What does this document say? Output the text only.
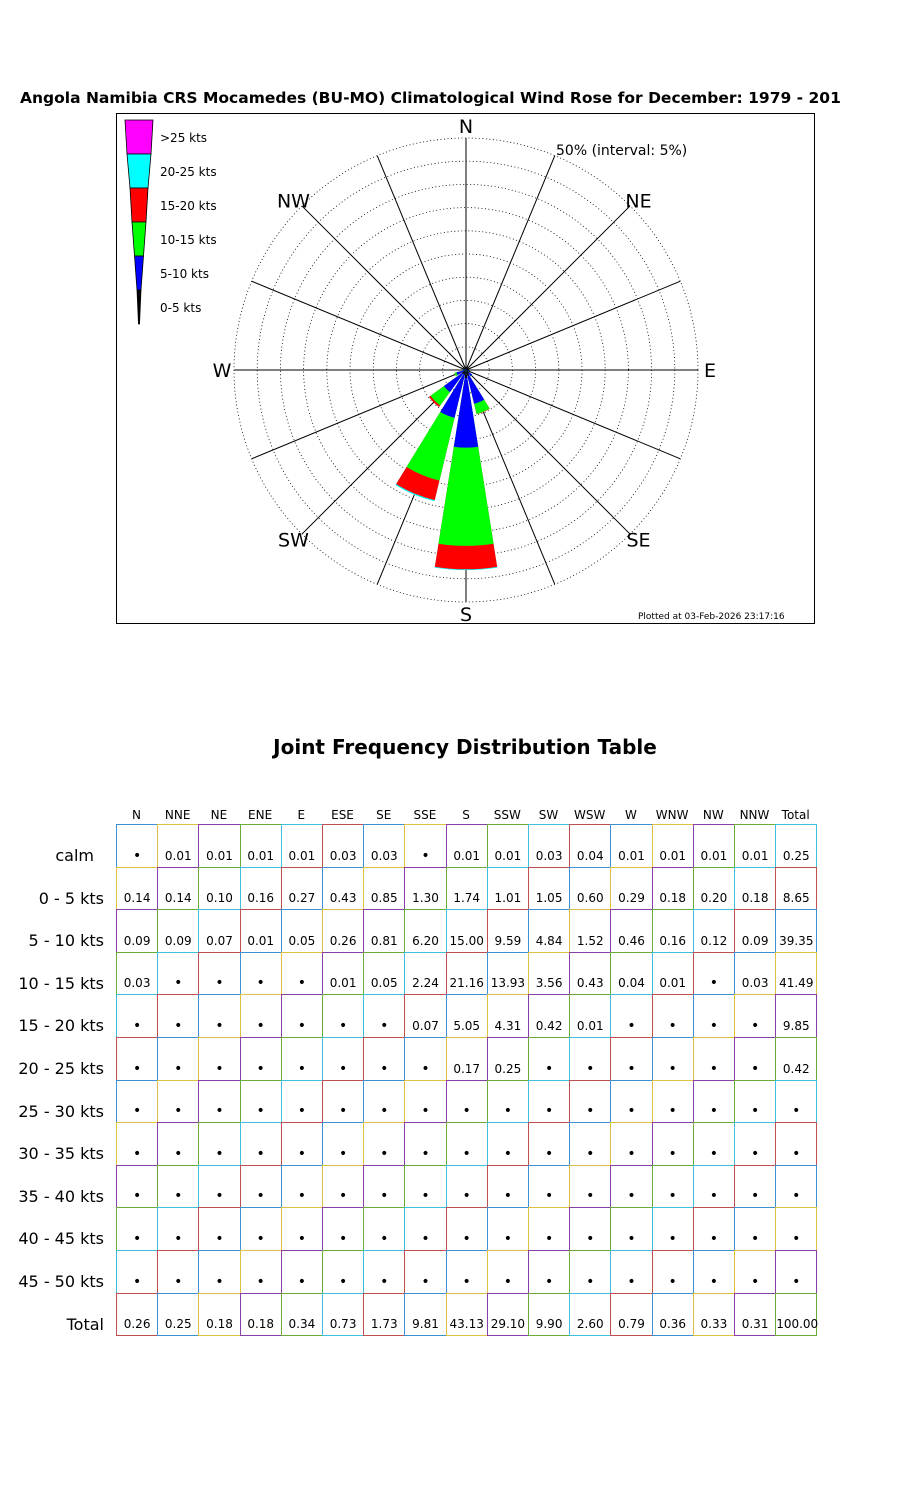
Angola Namibia CRS Mocamedes (BU-MO) Climatological Wind Rose for December: 1979 - 201
N
NE
E
SE
S
SW
W
NW
50% (interval: 5%)
>25 kts
20-25 kts
15-20 kts
10-15 kts
5-10 kts
0-5 kts
Plotted at 03-Feb-2026 23:17:16
Joint Frequency Distribution Table
N	NNE	NE	ENE	E	ESE	SE	SSE	S	SSW	SW	WSW	W	WNW	NW	NNW	Total
calm	•	0.01	0.01	0.01	0.01	0.03	0.03	•	0.01	0.01	0.03	0.04	0.01	0.01	0.01	0.01	0.25
0 - 5 kts	0.14	0.14	0.10	0.16	0.27	0.43	0.85	1.30	1.74	1.01	1.05	0.60	0.29	0.18	0.20	0.18	8.65
5 - 10 kts	0.09	0.09	0.07	0.01	0.05	0.26	0.81	6.20 15.00 9.59	4.84	1.52	0.46	0.16	0.12	0.09 39.35
10 - 15 kts	0.03	•	•	•	•	0.01	0.05	2.24 21.16 13.93 3.56	0.43	0.04	0.01	•	0.03 41.49
15 - 20 kts	•	•	•	•	•	•	•	0.07	5.05	4.31	0.42	0.01	•	•	•	•	9.85
20 - 25 kts	•	•	•	•	•	•	•	•	0.17	0.25	•	•	•	•	•	•	0.42
25 - 30 kts	•	•	•	•	•	•	•	•	•	•	•	•	•	•	•	•	•
30 - 35 kts	•	•	•	•	•	•	•	•	•	•	•	•	•	•	•	•	•
35 - 40 kts	•	•	•	•	•	•	•	•	•	•	•	•	•	•	•	•	•
40 - 45 kts	•	•	•	•	•	•	•	•	•	•	•	•	•	•	•	•	•
45 - 50 kts	•	•	•	•	•	•	•	•	•	•	•	•	•	•	•	•	•
Total	0.26	0.25	0.18	0.18	0.34	0.73	1.73	9.81 43.13 29.10 9.90	2.60	0.79	0.36	0.33	0.31 100.00
